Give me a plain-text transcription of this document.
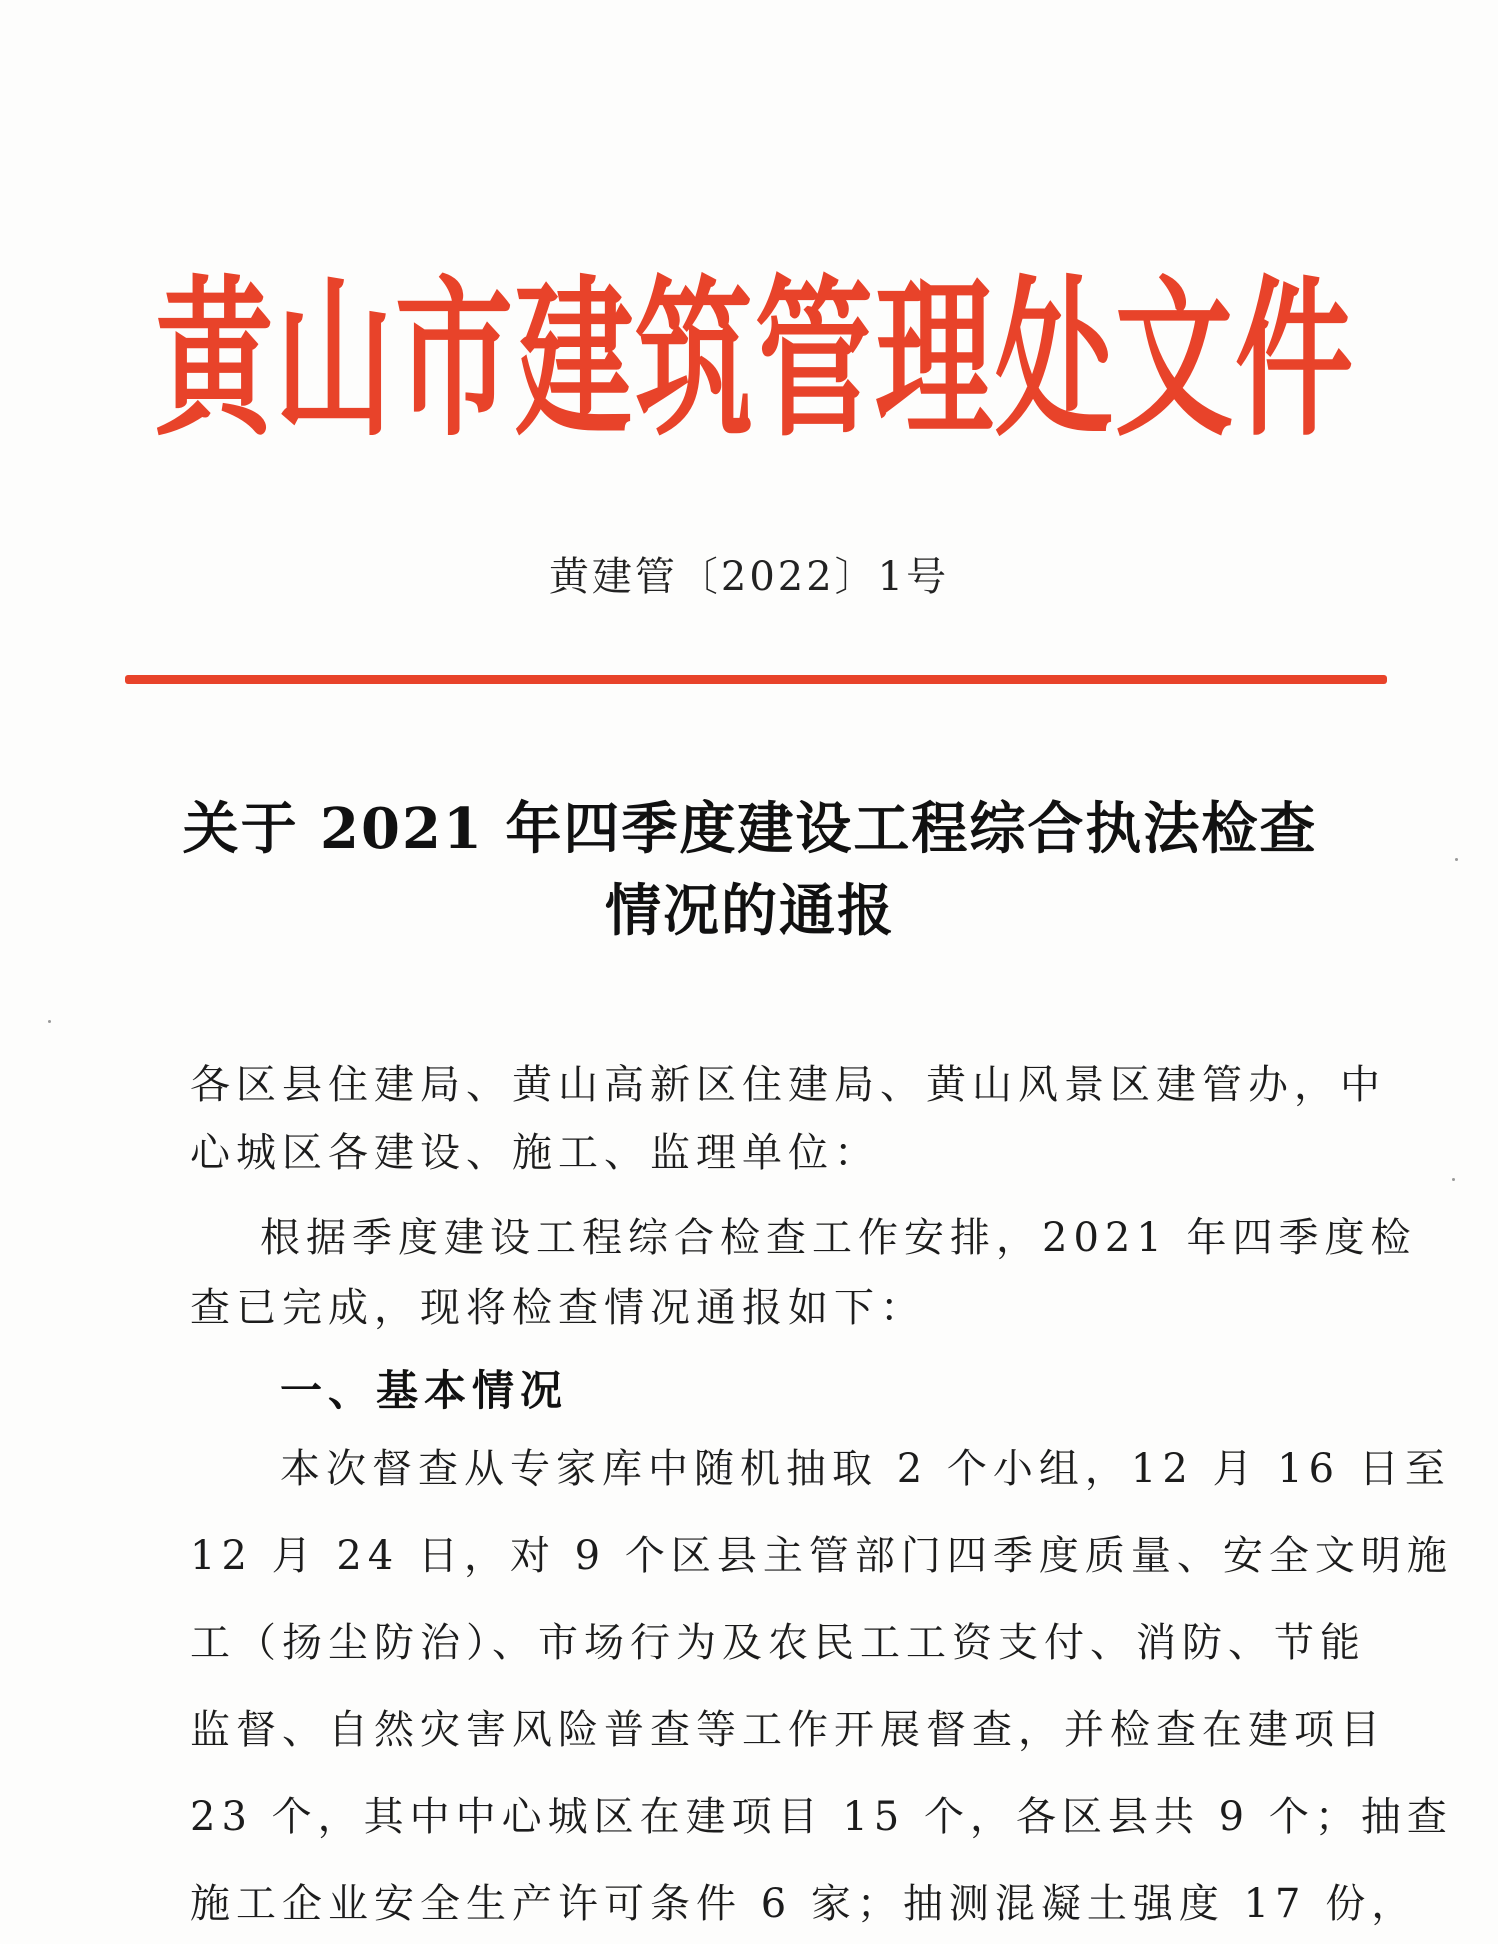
黄山市建筑管理处文件
黄建管〔2022〕1号
关于 2021 年四季度建设工程综合执法检查
情况的通报
各区县住建局、黄山高新区住建局、黄山风景区建管办，中
心城区各建设、施工、监理单位：
根据季度建设工程综合检查工作安排，2021 年四季度检
查已完成，现将检查情况通报如下：
一、基本情况
本次督查从专家库中随机抽取 2 个小组，12 月 16 日至
12 月 24 日，对 9 个区县主管部门四季度质量、安全文明施
工（扬尘防治）、市场行为及农民工工资支付、消防、节能
监督、自然灾害风险普查等工作开展督查，并检查在建项目
23 个，其中中心城区在建项目 15 个，各区县共 9 个；抽查
施工企业安全生产许可条件 6 家；抽测混凝土强度 17 份，
